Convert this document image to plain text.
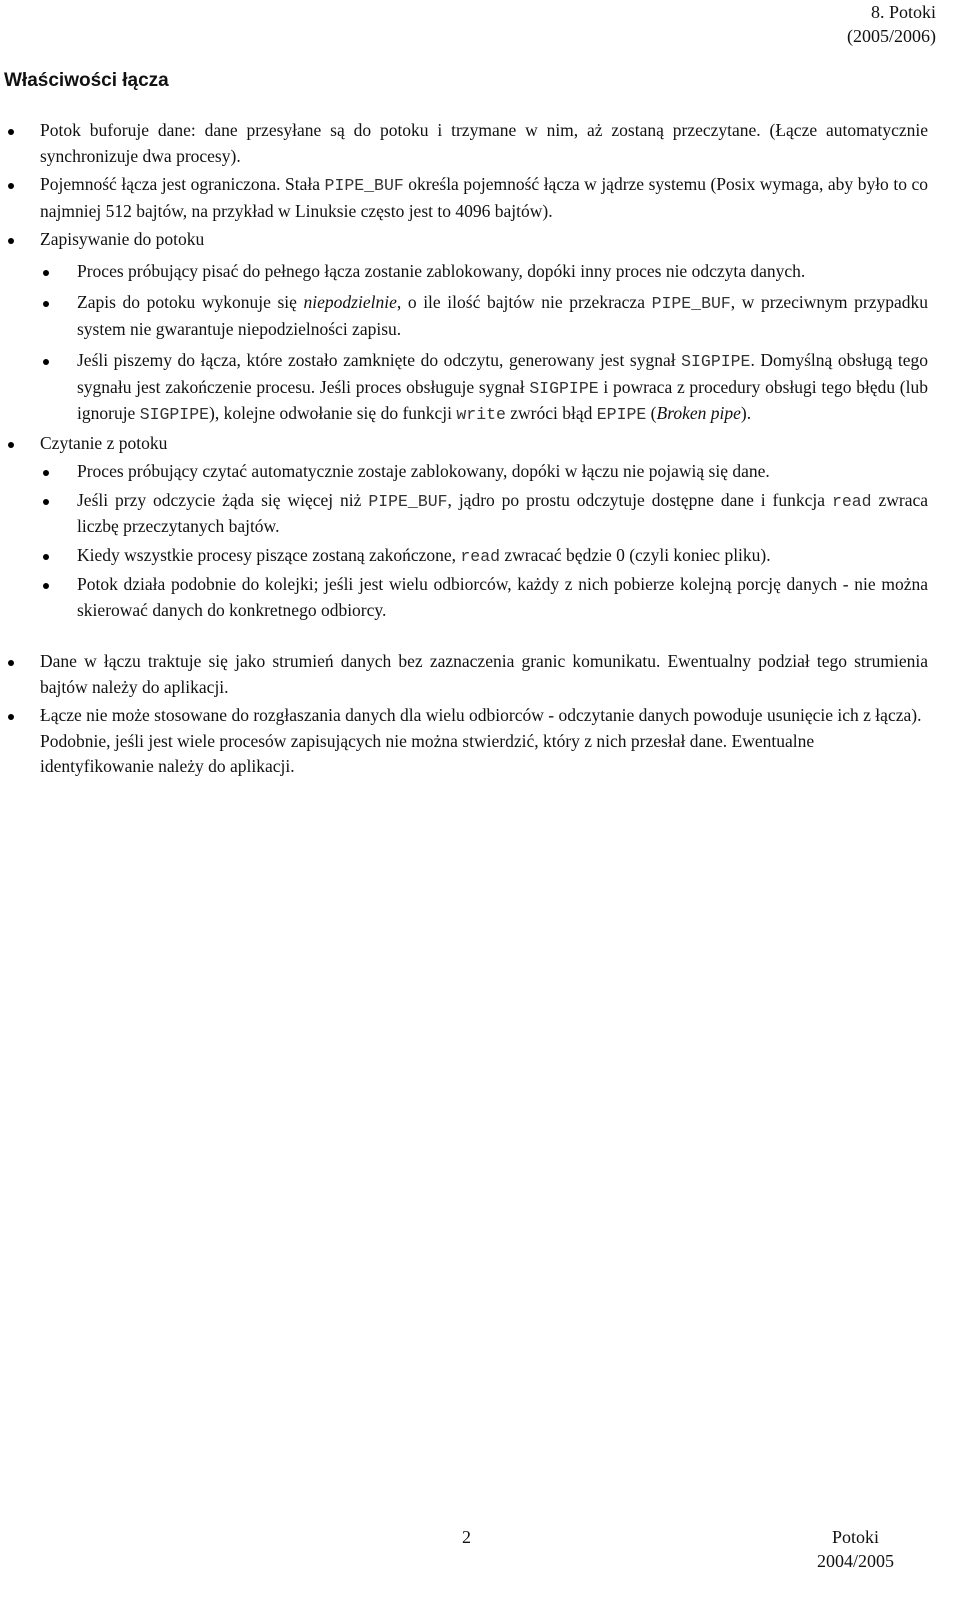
8. Potoki
(2005/2006)
Właściwości łącza
Potok buforuje dane: dane przesyłane są do potoku i trzymane w nim, aż zostaną przeczytane. (Łącze automatycznie synchronizuje dwa procesy).
Pojemność łącza jest ograniczona. Stała PIPE_BUF określa pojemność łącza w jądrze systemu (Posix wymaga, aby było to co najmniej 512 bajtów, na przykład w Linuksie często jest to 4096 bajtów).
Zapisywanie do potoku
Proces próbujący pisać do pełnego łącza zostanie zablokowany, dopóki inny proces nie odczyta danych.
Zapis do potoku wykonuje się niepodzielnie, o ile ilość bajtów nie przekracza PIPE_BUF, w przeciwnym przypadku system nie gwarantuje niepodzielności zapisu.
Jeśli piszemy do łącza, które zostało zamknięte do odczytu, generowany jest sygnał SIGPIPE. Domyślną obsługą tego sygnału jest zakończenie procesu. Jeśli proces obsługuje sygnał SIGPIPE i powraca z procedury obsługi tego błędu (lub ignoruje SIGPIPE), kolejne odwołanie się do funkcji write zwróci błąd EPIPE (Broken pipe).
Czytanie z potoku
Proces próbujący czytać automatycznie zostaje zablokowany, dopóki w łączu nie pojawią się dane.
Jeśli przy odczycie żąda się więcej niż PIPE_BUF, jądro po prostu odczytuje dostępne dane i funkcja read zwraca liczbę przeczytanych bajtów.
Kiedy wszystkie procesy piszące zostaną zakończone, read zwracać będzie 0 (czyli koniec pliku).
Potok działa podobnie do kolejki; jeśli jest wielu odbiorców, każdy z nich pobierze kolejną porcję danych - nie można skierować danych do konkretnego odbiorcy.
Dane w łączu traktuje się jako strumień danych bez zaznaczenia granic komunikatu. Ewentualny podział tego strumienia bajtów należy do aplikacji.
Łącze nie może stosowane do rozgłaszania danych dla wielu odbiorców - odczytanie danych powoduje usunięcie ich z łącza). Podobnie, jeśli jest wiele procesów zapisujących nie można stwierdzić, który z nich przesłał dane. Ewentualne identyfikowanie należy do aplikacji.
2	Potoki
2004/2005
